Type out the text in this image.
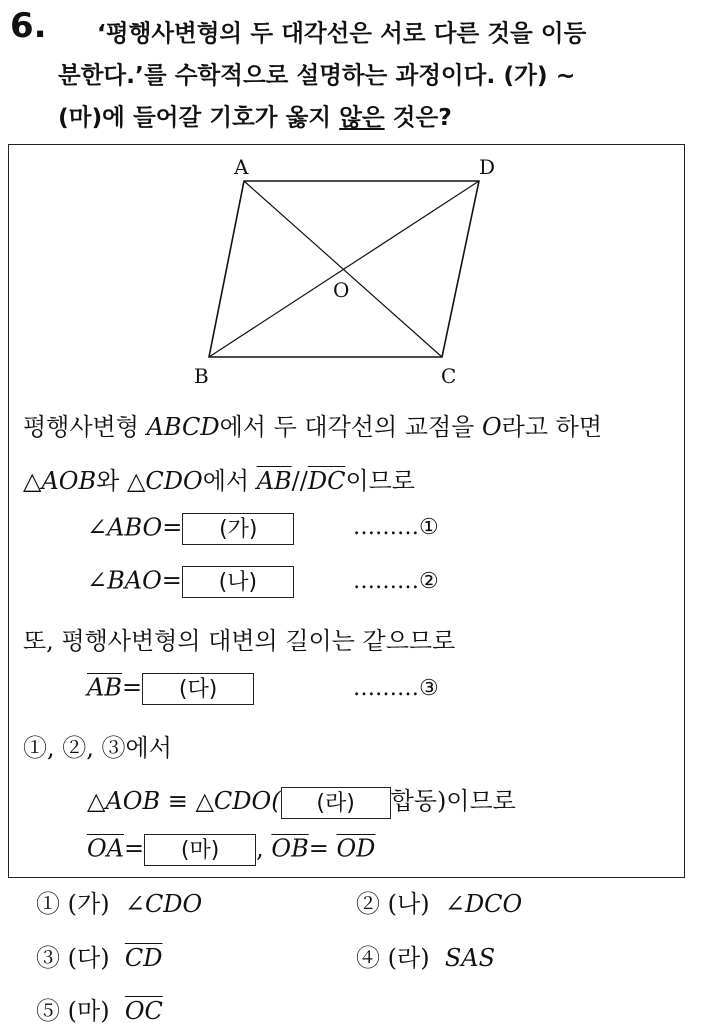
6. ‘평행사변형의 두 대각선은 서로 다른 것을 이등
분한다.’를 수학적으로 설명하는 과정이다. (가) ~
(마)에 들어갈 기호가 옳지 않은 것은?
A	D
O
B	C
평행사변형 ABCD에서 두 대각선의 교점을 O라고 하면
△AOB와 △CDO에서 $\overline{AB}//\overline{DC}$이므로
∠ABO= (가)	………①
∠BAO= (나)	………②
또, 평행사변형의 대변의 길이는 같으므로
$\overline{AB}=$ (다)	………③
①, ②, ③에서
△AOB ≡ △CDO( (라) 합동)이므로
$\overline{OA}=$ (마) , $\overline{OB}= \overline{OD}$
① (가) ∠CDO	② (나) ∠DCO
③ (다) $\overline{CD}$	④ (라) SAS
⑤ (마) $\overline{OC}$
